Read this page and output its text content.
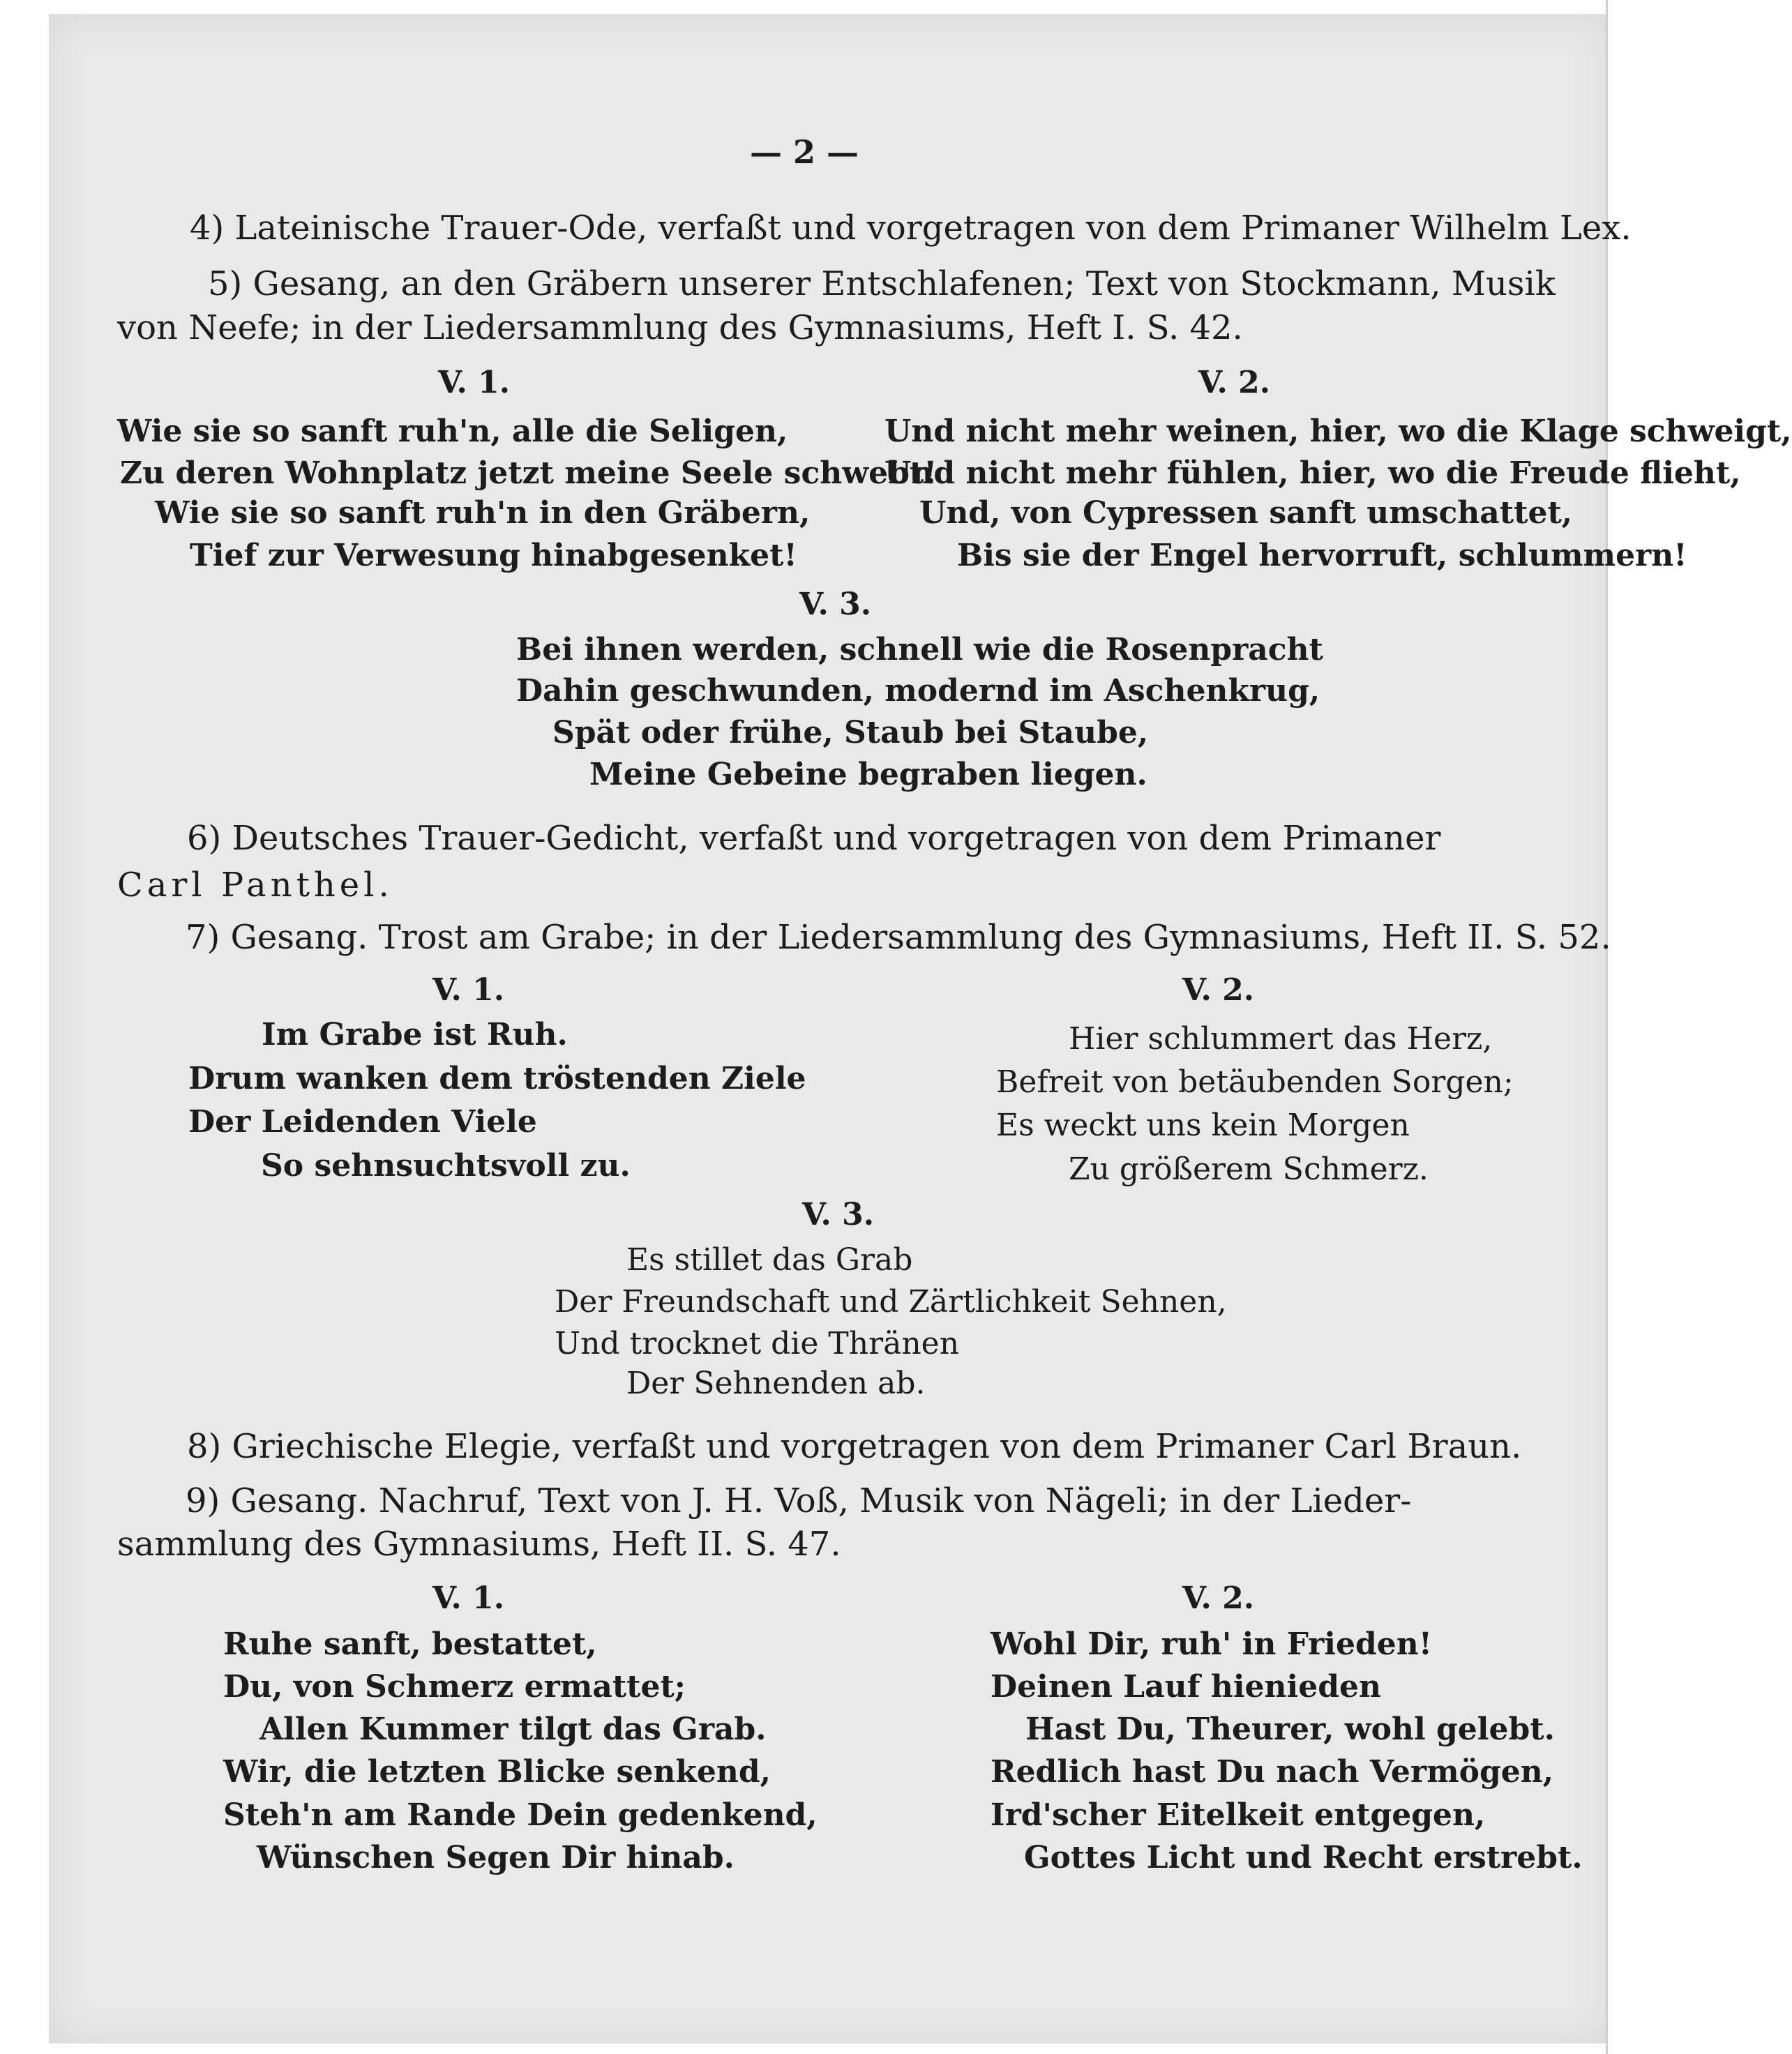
— 2 —
4) Lateinische Trauer-Ode, verfaßt und vorgetragen von dem Primaner Wilhelm Lex.
5) Gesang, an den Gräbern unserer Entschlafenen; Text von Stockmann, Musik
von Neefe; in der Liedersammlung des Gymnasiums, Heft I. S. 42.
V. 1.	V. 2.
Wie sie so sanft ruh'n, alle die Seligen,
Zu deren Wohnplatz jetzt meine Seele schwebt!
Wie sie so sanft ruh'n in den Gräbern,
Tief zur Verwesung hinabgesenket!
Und nicht mehr weinen, hier, wo die Klage schweigt,
Und nicht mehr fühlen, hier, wo die Freude flieht,
Und, von Cypressen sanft umschattet,
Bis sie der Engel hervorruft, schlummern!
V. 3.
Bei ihnen werden, schnell wie die Rosenpracht
Dahin geschwunden, modernd im Aschenkrug,
Spät oder frühe, Staub bei Staube,
Meine Gebeine begraben liegen.
6) Deutsches Trauer-Gedicht, verfaßt und vorgetragen von dem Primaner
Carl Panthel.
7) Gesang. Trost am Grabe; in der Liedersammlung des Gymnasiums, Heft II. S. 52.
V. 1.	V. 2.
Im Grabe ist Ruh.
Drum wanken dem tröstenden Ziele
Der Leidenden Viele
So sehnsuchtsvoll zu.
Hier schlummert das Herz,
Befreit von betäubenden Sorgen;
Es weckt uns kein Morgen
Zu größerem Schmerz.
V. 3.
Es stillet das Grab
Der Freundschaft und Zärtlichkeit Sehnen,
Und trocknet die Thränen
Der Sehnenden ab.
8) Griechische Elegie, verfaßt und vorgetragen von dem Primaner Carl Braun.
9) Gesang. Nachruf, Text von J. H. Voß, Musik von Nägeli; in der Lieder-
sammlung des Gymnasiums, Heft II. S. 47.
V. 1.	V. 2.
Ruhe sanft, bestattet,
Du, von Schmerz ermattet;
Allen Kummer tilgt das Grab.
Wir, die letzten Blicke senkend,
Steh'n am Rande Dein gedenkend,
Wünschen Segen Dir hinab.
Wohl Dir, ruh' in Frieden!
Deinen Lauf hienieden
Hast Du, Theurer, wohl gelebt.
Redlich hast Du nach Vermögen,
Ird'scher Eitelkeit entgegen,
Gottes Licht und Recht erstrebt.
